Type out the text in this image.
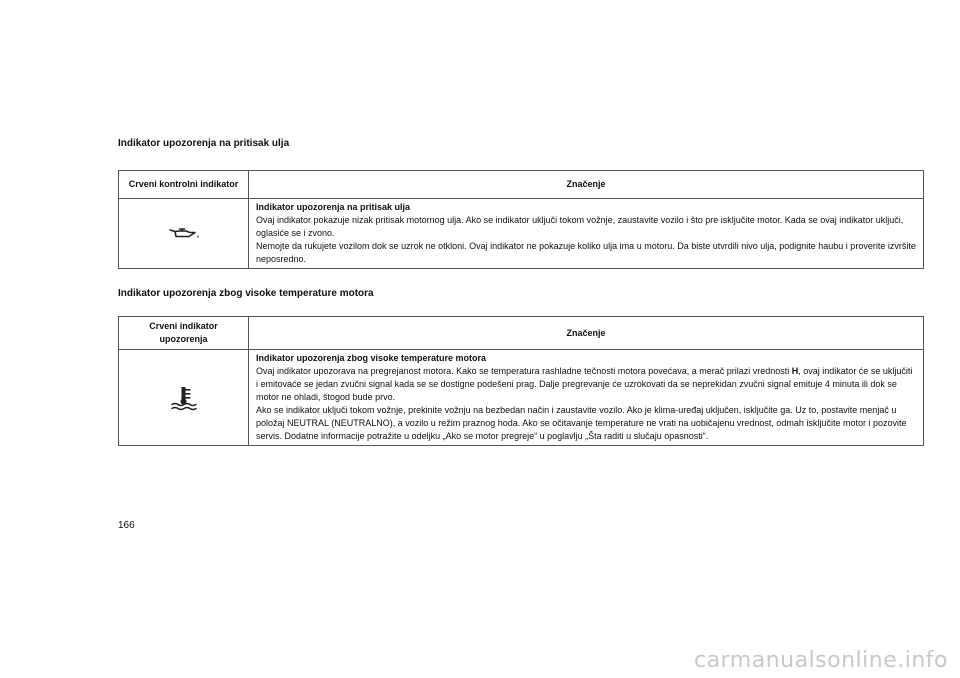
Indikator upozorenja na pritisak ulja
Crveni kontrolni indikator	Značenje

Indikator upozorenja na pritisak ulja

Ovaj indikator pokazuje nizak pritisak motornog ulja. Ako se indikator uključi tokom vožnje, zaustavite vozilo i što pre isključite motor. Kada se ovaj indikator uključi, oglasiće se i zvono.

Nemojte da rukujete vozilom dok se uzrok ne otkloni. Ovaj indikator ne pokazuje koliko ulja ima u motoru. Da biste utvrdili nivo ulja, podignite haubu i proverite izvršite neposredno.

Indikator upozorenja zbog visoke temperature motora
Crveni indikator upozorenja	Značenje

Indikator upozorenja zbog visoke temperature motora

Ovaj indikator upozorava na pregrejanost motora. Kako se temperatura rashladne tečnosti motora povećava, a merač prilazi vrednosti H, ovaj indikator će se uključiti i emitovaće se jedan zvučni signal kada se se dostigne podešeni prag. Dalje pregrevanje će uzrokovati da se neprekidan zvučni signal emituje 4 minuta ili dok se motor ne ohladi, štogod bude prvo.

Ako se indikator uključi tokom vožnje, prekinite vožnju na bezbedan način i zaustavite vozilo. Ako je klima-uređaj uključen, isključite ga. Uz to, postavite menjač u položaj NEUTRAL (NEUTRALNO), a vozilo u režim praznog hoda. Ako se očitavanje temperature ne vrati na uobičajenu vrednost, odmah isključite motor i pozovite servis. Dodatne informacije potražite u odeljku „Ako se motor pregreje“ u poglavlju „Šta raditi u slučaju opasnosti“.

166
carmanualsonline.info
